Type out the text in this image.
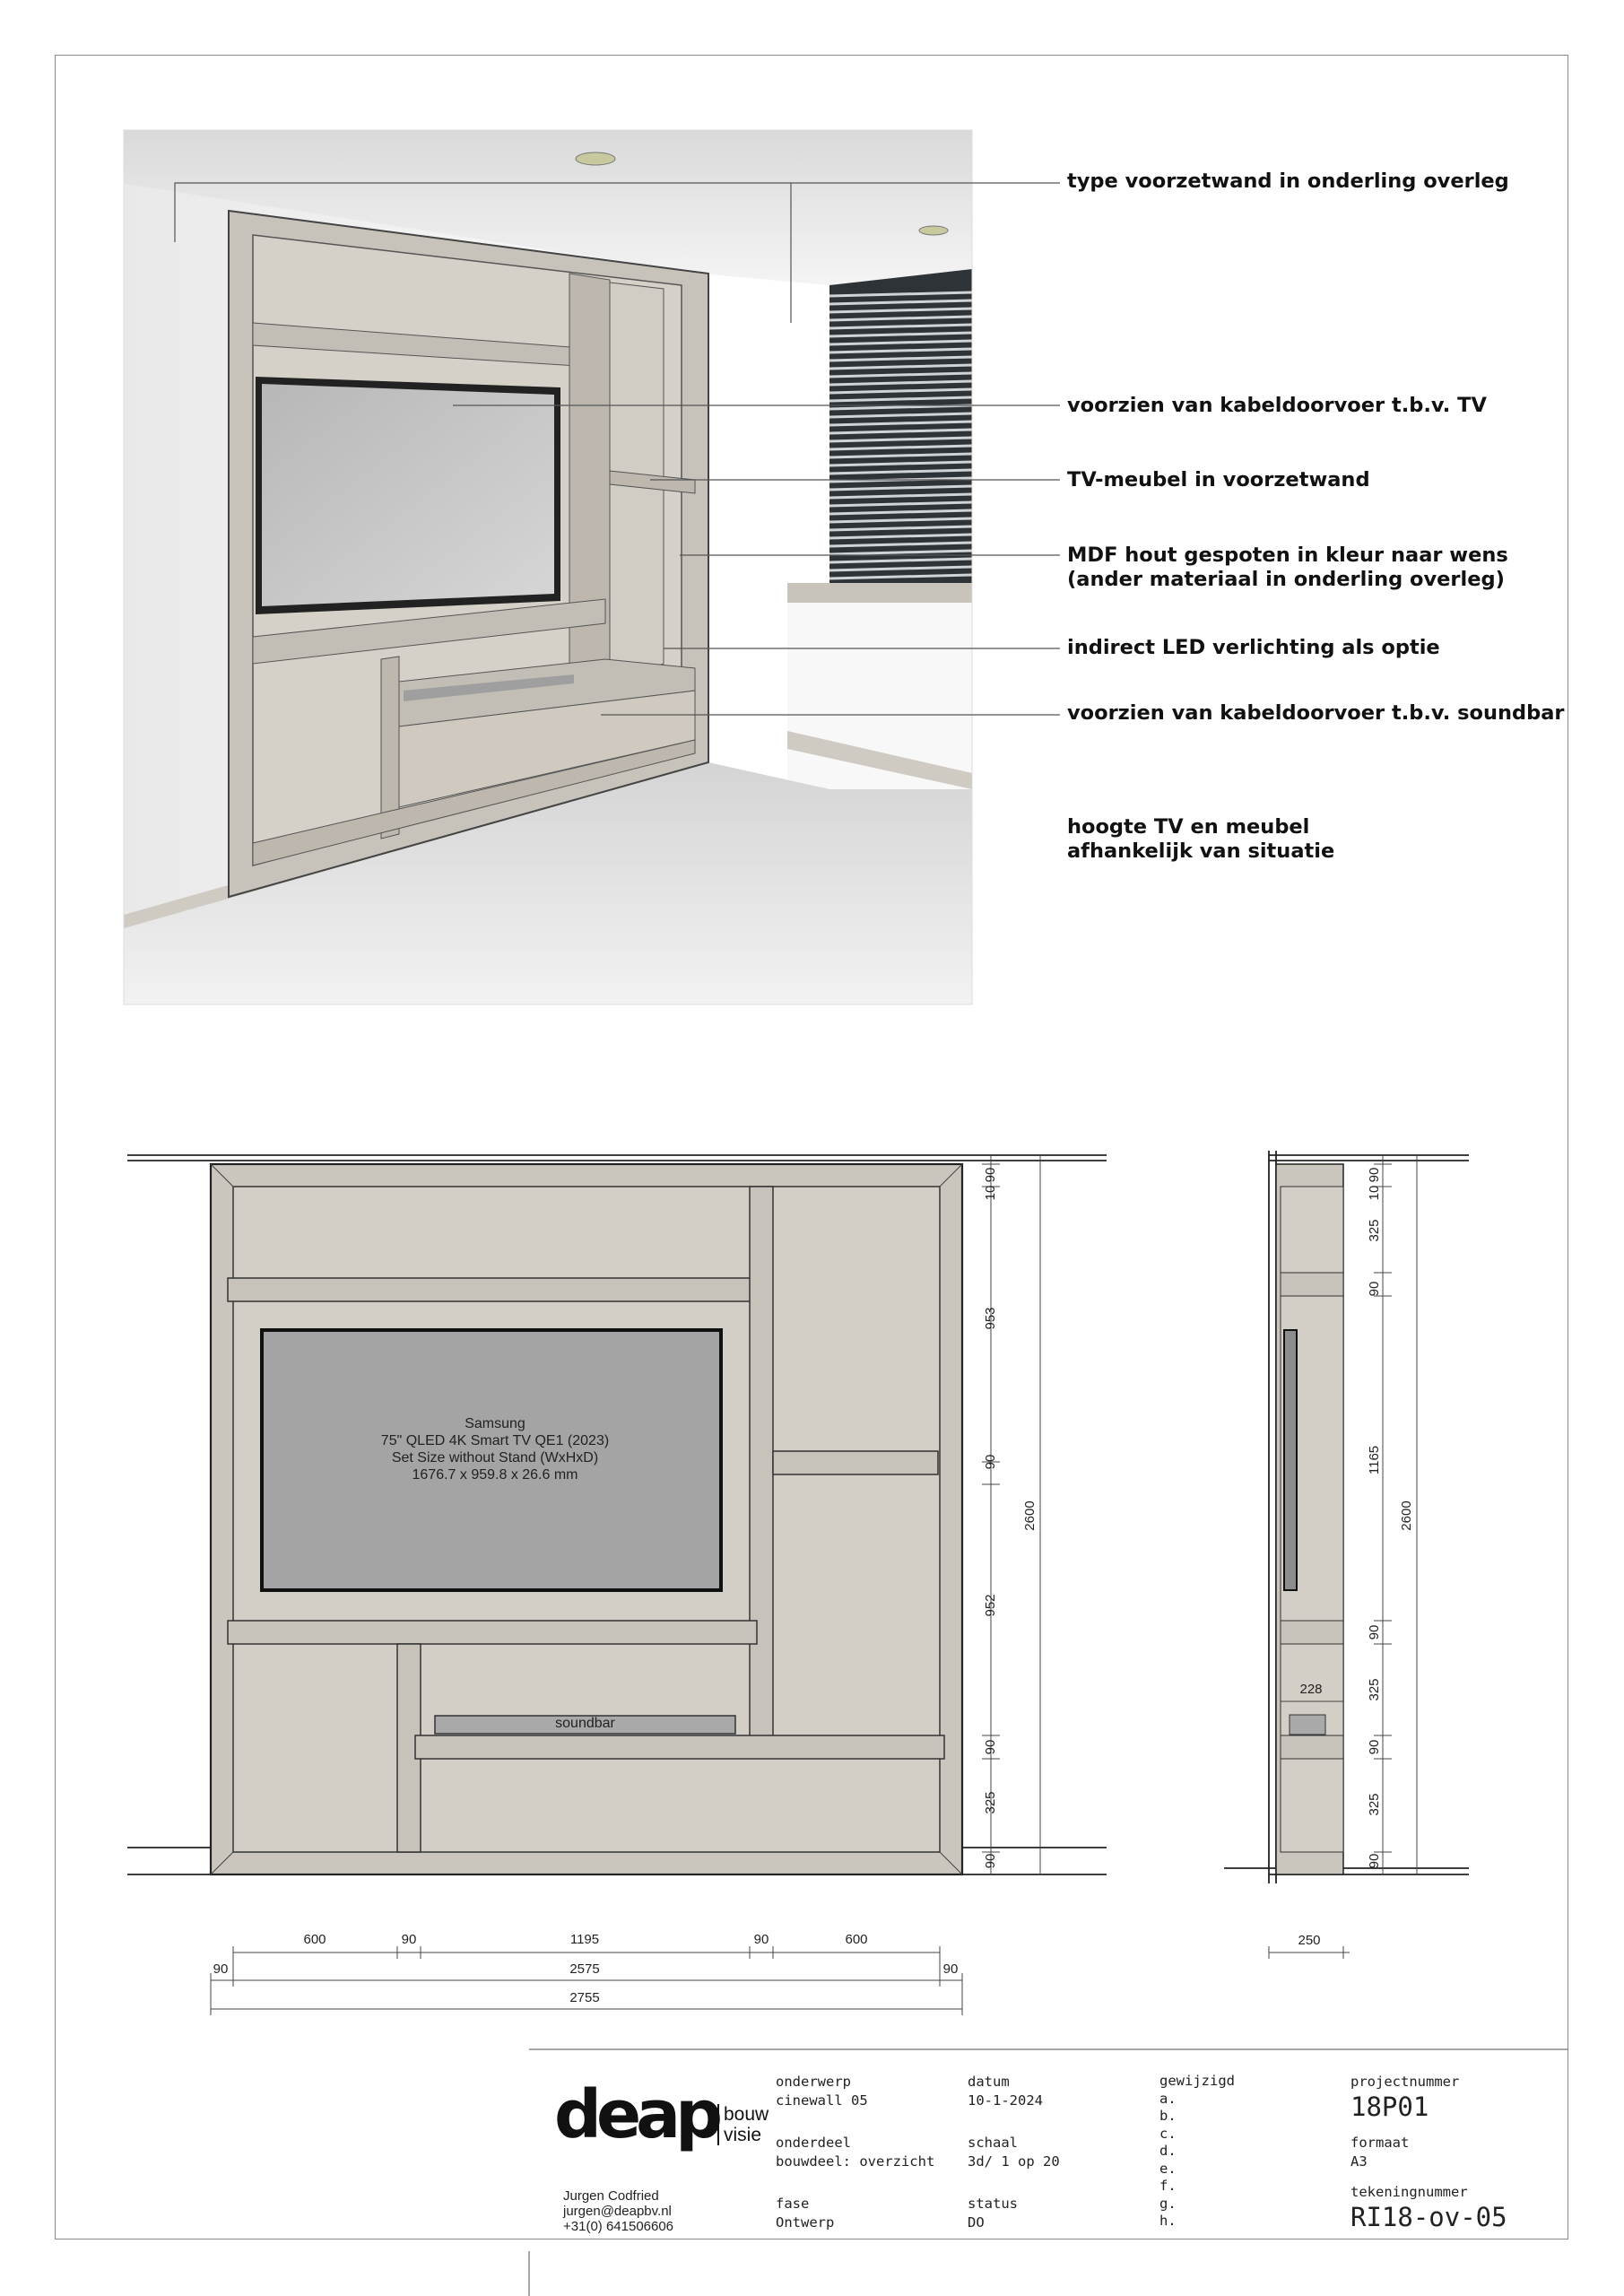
type voorzetwand in onderling overleg
voorzien van kabeldoorvoer t.b.v. TV
TV-meubel in voorzetwand
MDF hout gespoten in kleur naar wens
(ander materiaal in onderling overleg)
indirect LED verlichting als optie
voorzien van kabeldoorvoer t.b.v. soundbar
hoogte TV en meubel
afhankelijk van situatie
90
10
953
90
952
90
325
90
2600
600	90	1195	90	600
90	2575	90
2755
228
90
10
325
90
1165
90
325
90
325
90
2600
250
Samsung
75" QLED 4K Smart TV QE1 (2023)
Set Size without Stand (WxHxD)
1676.7 x 959.8 x 26.6 mm
soundbar
deap bouw
visie
Jurgen Codfried
jurgen@deapbv.nl
+31(0) 641506606
onderwerp
cinewall 05
onderdeel
bouwdeel: overzicht
fase
Ontwerp
datum
10-1-2024
schaal
3d/ 1 op 20
status
DO
gewijzigd
a.
b.
c.
d.
e.
f.
g.
h.
projectnummer
18P01
formaat
A3
tekeningnummer
RI18-ov-05
